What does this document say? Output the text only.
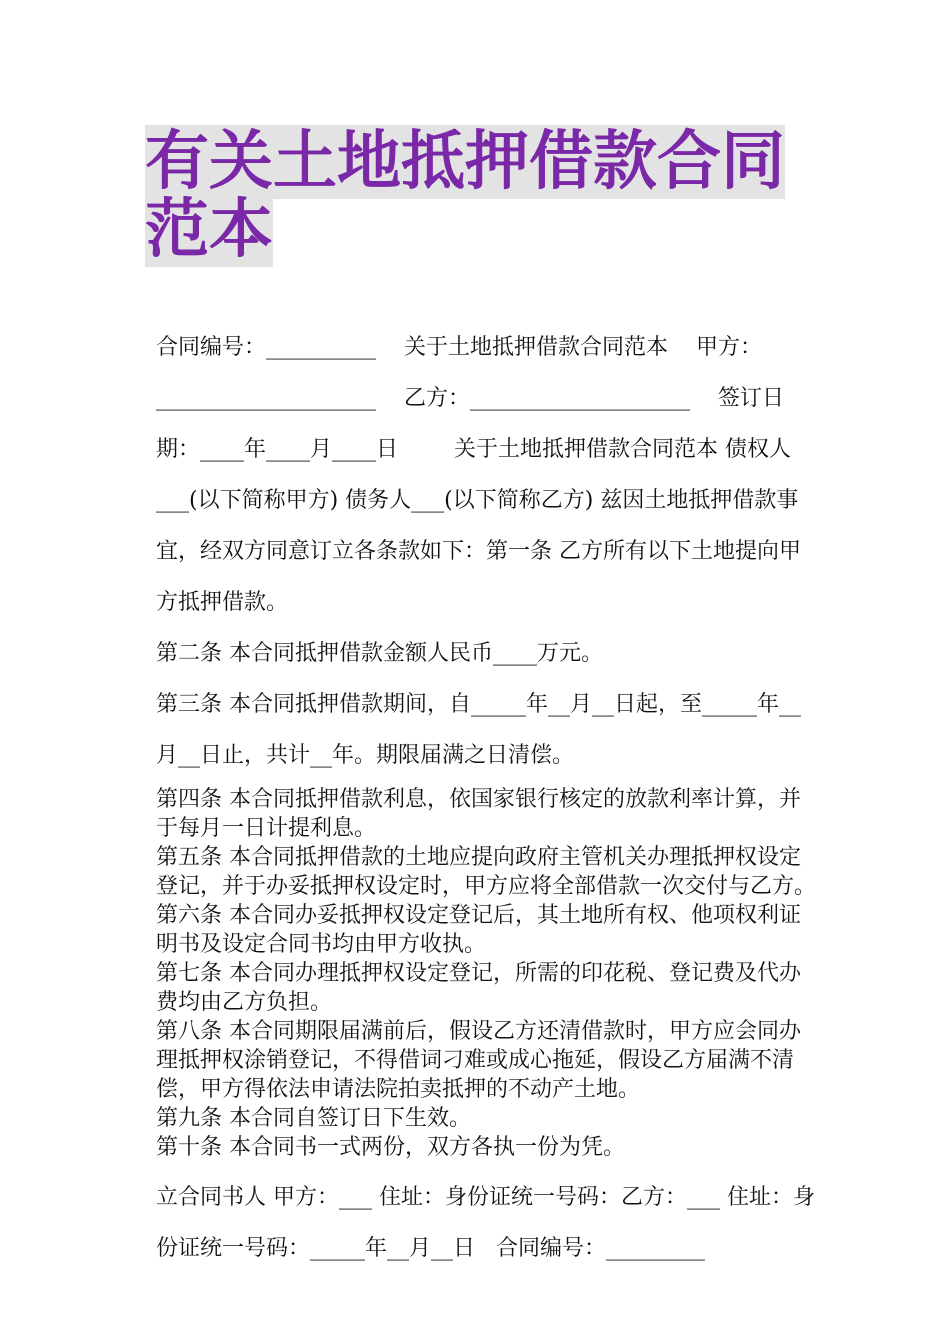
有关土地抵押借款合同范本

合同编号：__________    关于土地抵押借款合同范本    甲方：____________________    乙方：____________________    签订日期：____年____月____日        关于土地抵押借款合同范本 债权人___(以下简称甲方) 债务人___(以下简称乙方) 兹因土地抵押借款事宜，经双方同意订立各条款如下：第一条 乙方所有以下土地提向甲方抵押借款。

第二条 本合同抵押借款金额人民币____万元。

第三条 本合同抵押借款期间，自_____年__月__日起，至_____年__月__日止，共计__年。期限届满之日清偿。

第四条 本合同抵押借款利息，依国家银行核定的放款利率计算，并于每月一日计提利息。

第五条 本合同抵押借款的土地应提向政府主管机关办理抵押权设定登记，并于办妥抵押权设定时，甲方应将全部借款一次交付与乙方。

第六条 本合同办妥抵押权设定登记后，其土地所有权、他项权利证明书及设定合同书均由甲方收执。

第七条 本合同办理抵押权设定登记，所需的印花税、登记费及代办费均由乙方负担。

第八条 本合同期限届满前后，假设乙方还清借款时，甲方应会同办理抵押权涂销登记，不得借词刁难或成心拖延，假设乙方届满不清偿，甲方得依法申请法院拍卖抵押的不动产土地。

第九条 本合同自签订日下生效。

第十条 本合同书一式两份，双方各执一份为凭。

立合同书人 甲方：___ 住址：身份证统一号码：乙方：___ 住址：身份证统一号码：_____年__月__日   合同编号：_________
